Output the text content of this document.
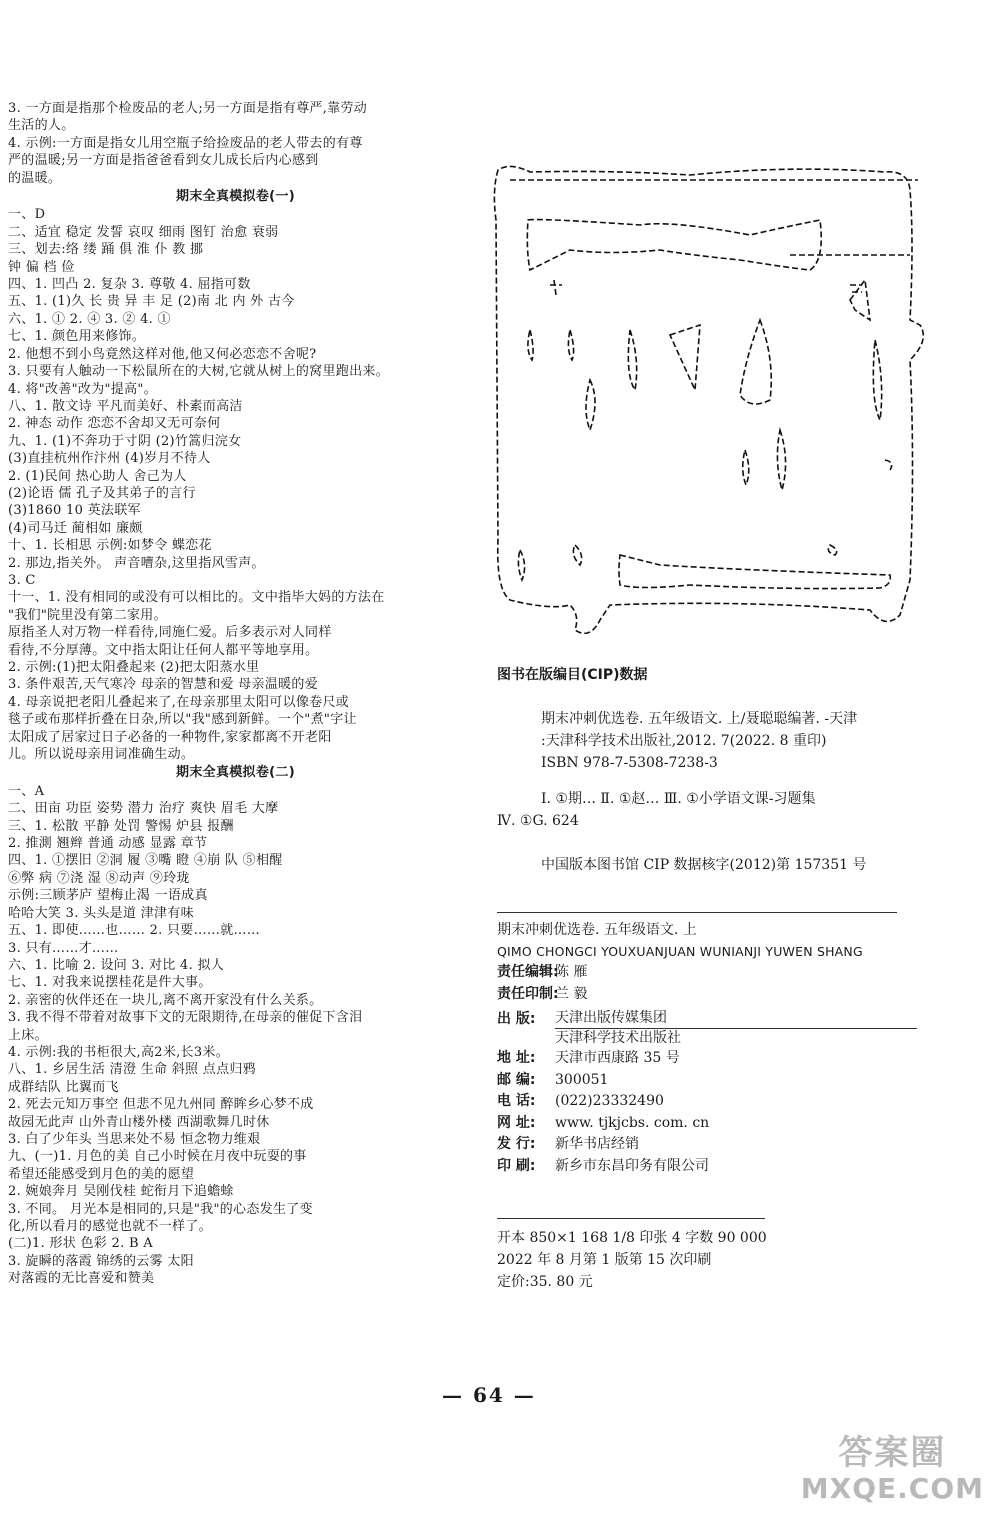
3. 一方面是指那个检废品的老人;另一方面是指有尊严,靠劳动
生活的人。
4. 示例:一方面是指女儿用空瓶子给捡废品的老人带去的有尊
严的温暖;另一方面是指爸爸看到女儿成长后内心感到
的温暖。
期末全真模拟卷(一)
一、D
二、适宜 稳定 发誓 哀叹 细雨 图钉 治愈 衰弱
三、划去:络 缕 踊 俱 淮 仆 教 挪
钟 偏 档 俭
四、1. 凹凸 2. 复杂 3. 尊敬 4. 屈指可数
五、1. (1)久 长 贵 异 丰 足 (2)南 北 内 外 古今
六、1. ① 2. ④ 3. ② 4. ①
七、1. 颜色用来修饰。
2. 他想不到小鸟竟然这样对他,他又何必恋恋不舍呢?
3. 只要有人触动一下松鼠所在的大树,它就从树上的窝里跑出来。
4. 将"改善"改为"提高"。
八、1. 散文诗 平凡而美好、朴素而高洁
2. 神态 动作 恋恋不舍却又无可奈何
九、1. (1)不奔功于寸阴 (2)竹篙归浣女
(3)直挂杭州作汴州 (4)岁月不待人
2. (1)民间 热心助人 舍己为人
(2)论语 儒 孔子及其弟子的言行
(3)1860 10 英法联军
(4)司马迁 蔺相如 廉颇
十、1. 长相思 示例:如梦令 蝶恋花
2. 那边,指关外。 声音嘈杂,这里指风雪声。
3. C
十一、1. 没有相同的或没有可以相比的。文中指毕大妈的方法在
"我们"院里没有第二家用。
原指圣人对万物一样看待,同施仁爱。后多表示对人同样
看待,不分厚薄。文中指太阳让任何人都平等地享用。
2. 示例:(1)把太阳叠起来 (2)把太阳蒸水里
3. 条件艰苦,天气寒冷 母亲的智慧和爱 母亲温暖的爱
4. 母亲说把老阳儿叠起来了,在母亲那里太阳可以像卷尺或
毯子或布那样折叠在日杂,所以"我"感到新鲜。一个"煮"字让
太阳成了居家过日子必备的一种物件,家家都离不开老阳
儿。所以说母亲用词准确生动。
期末全真模拟卷(二)
一、A
二、田亩 功臣 姿势 潜力 治疗 爽快 眉毛 大摩
三、1. 松散 平静 处罚 警惕 炉县 报酬
2. 推測 翘辫 普通 动感 显露 章节
四、1. ①摆旧 ②洞 履 ③嘴 瞪 ④崩 队 ⑤相醒
⑥弊 病 ⑦浇 湿 ⑧动声 ⑨玲珑
示例:三顾茅庐 望梅止渴 一语成真
哈哈大笑 3. 头头是道 津津有味
五、1. 即使……也…… 2. 只要……就……
3. 只有……才……
六、1. 比喻 2. 设问 3. 对比 4. 拟人
七、1. 对我来说摆桂花是件大事。
2. 亲密的伙伴还在一块儿,离不离开家没有什么关系。
3. 我不得不带着对故事下文的无限期待,在母亲的催促下含泪
上床。
4. 示例:我的书柜很大,高2米,长3米。
八、1. 乡居生活 清澄 生命 斜照 点点归鸦
成群结队 比翼而飞
2. 死去元知万事空 但悲不见九州同 醉眸乡心梦不成
故园无此声 山外青山楼外楼 西湖歌舞几时休
3. 白了少年头 当思来处不易 恒念物力维艰
九、(一)1. 月色的美 自己小时候在月夜中玩耍的事
希望还能感受到月色的美的愿望
2. 婉娘奔月 吴刚伐桂 蛇衔月下追蟾蜍
3. 不同。 月光本是相同的,只是"我"的心态发生了变
化,所以看月的感觉也就不一样了。
(二)1. 形状 色彩 2. B A
3. 旋瞬的落霞 锦绣的云雾 太阳
对落霞的无比喜爱和赞美
图书在版编目(CIP)数据
期末冲刺优选卷. 五年级语文. 上/聂聪聪编著. -天津
:天津科学技术出版社,2012. 7(2022. 8 重印)
ISBN 978-7-5308-7238-3
Ⅰ. ①期… Ⅱ. ①赵… Ⅲ. ①小学语文课-习题集
Ⅳ. ①G. 624
中国版本图书馆 CIP 数据核字(2012)第 157351 号
期末冲刺优选卷. 五年级语文. 上
QIMO CHONGCI YOUXUANJUAN WUNIANJI YUWEN SHANG
责任编辑:
陈 雁
责任印制:
兰 毅
出 版:	天津出版传媒集团
天津科学技术出版社
地 址:	天津市西康路 35 号
邮 编:	300051
电 话:	(022)23332490
网 址:	www. tjkjcbs. com. cn
发 行:	新华书店经销
印 刷:	新乡市东昌印务有限公司
开本 850×1 168 1/8 印张 4 字数 90 000
2022 年 8 月第 1 版第 15 次印刷
定价:35. 80 元
— 64 —
答案圈
MXQE.COM
